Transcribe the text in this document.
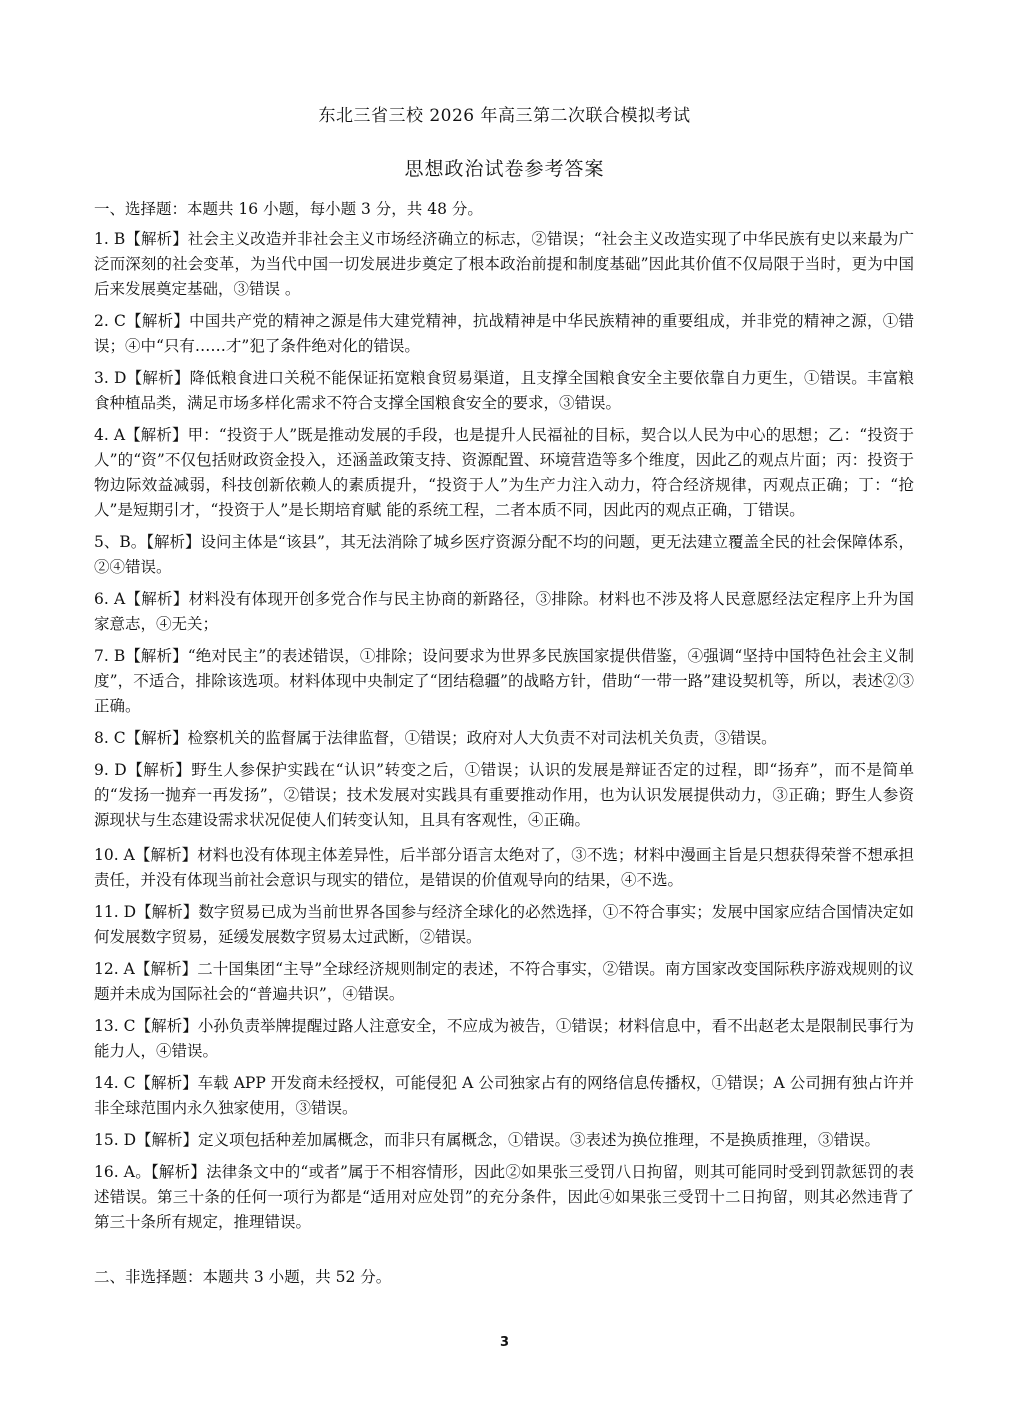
东北三省三校 2026 年高三第二次联合模拟考试
思想政治试卷参考答案

一、选择题：本题共 16 小题，每小题 3 分，共 48 分。

1. B【解析】社会主义改造并非社会主义市场经济确立的标志，②错误；“社会主义改造实现了中华民族有史以来最为广泛而深刻的社会变革，为当代中国一切发展进步奠定了根本政治前提和制度基础”因此其价值不仅局限于当时，更为中国后来发展奠定基础，③错误 。

2. C【解析】中国共产党的精神之源是伟大建党精神，抗战精神是中华民族精神的重要组成，并非党的精神之源，①错误；④中“只有……才”犯了条件绝对化的错误。

3. D【解析】降低粮食进口关税不能保证拓宽粮食贸易渠道，且支撑全国粮食安全主要依靠自力更生，①错误。丰富粮食种植品类，满足市场多样化需求不符合支撑全国粮食安全的要求，③错误。

4. A【解析】甲：“投资于人”既是推动发展的手段，也是提升人民福祉的目标，契合以人民为中心的思想；乙：“投资于人”的“资”不仅包括财政资金投入，还涵盖政策支持、资源配置、环境营造等多个维度，因此乙的观点片面；丙：投资于物边际效益减弱，科技创新依赖人的素质提升，“投资于人”为生产力注入动力，符合经济规律，丙观点正确；丁：“抢人”是短期引才，“投资于人”是长期培育赋 能的系统工程，二者本质不同，因此丙的观点正确，丁错误。

5、B。【解析】设问主体是“该县”，其无法消除了城乡医疗资源分配不均的问题，更无法建立覆盖全民的社会保障体系，②④错误。

6. A【解析】材料没有体现开创多党合作与民主协商的新路径，③排除。材料也不涉及将人民意愿经法定程序上升为国家意志，④无关；

7. B【解析】“绝对民主”的表述错误，①排除；设问要求为世界多民族国家提供借鉴，④强调“坚持中国特色社会主义制度”，不适合，排除该选项。材料体现中央制定了“团结稳疆”的战略方针，借助“一带一路”建设契机等，所以，表述②③正确。

8. C【解析】检察机关的监督属于法律监督，①错误；政府对人大负责不对司法机关负责，③错误。

9. D【解析】野生人参保护实践在“认识”转变之后，①错误；认识的发展是辩证否定的过程，即“扬弃”，而不是简单的“发扬一抛弃一再发扬”，②错误；技术发展对实践具有重要推动作用，也为认识发展提供动力，③正确；野生人参资源现状与生态建设需求状况促使人们转变认知，且具有客观性，④正确。

10. A【解析】材料也没有体现主体差异性，后半部分语言太绝对了，③不选；材料中漫画主旨是只想获得荣誉不想承担责任，并没有体现当前社会意识与现实的错位，是错误的价值观导向的结果，④不选。

11. D【解析】数字贸易已成为当前世界各国参与经济全球化的必然选择，①不符合事实；发展中国家应结合国情决定如何发展数字贸易，延缓发展数字贸易太过武断，②错误。

12. A【解析】二十国集团“主导”全球经济规则制定的表述，不符合事实，②错误。南方国家改变国际秩序游戏规则的议题并未成为国际社会的“普遍共识”，④错误。

13. C【解析】小孙负责举牌提醒过路人注意安全，不应成为被告，①错误；材料信息中，看不出赵老太是限制民事行为能力人，④错误。

14. C【解析】车载 APP 开发商未经授权，可能侵犯 A 公司独家占有的网络信息传播权，①错误；A 公司拥有独占许并非全球范围内永久独家使用，③错误。

15. D【解析】定义项包括种差加属概念，而非只有属概念，①错误。③表述为换位推理，不是换质推理，③错误。

16. A。【解析】法律条文中的“或者”属于不相容情形，因此②如果张三受罚八日拘留，则其可能同时受到罚款惩罚的表述错误。第三十条的任何一项行为都是“适用对应处罚”的充分条件，因此④如果张三受罚十二日拘留，则其必然违背了第三十条所有规定，推理错误。

二、非选择题：本题共 3 小题，共 52 分。

3
